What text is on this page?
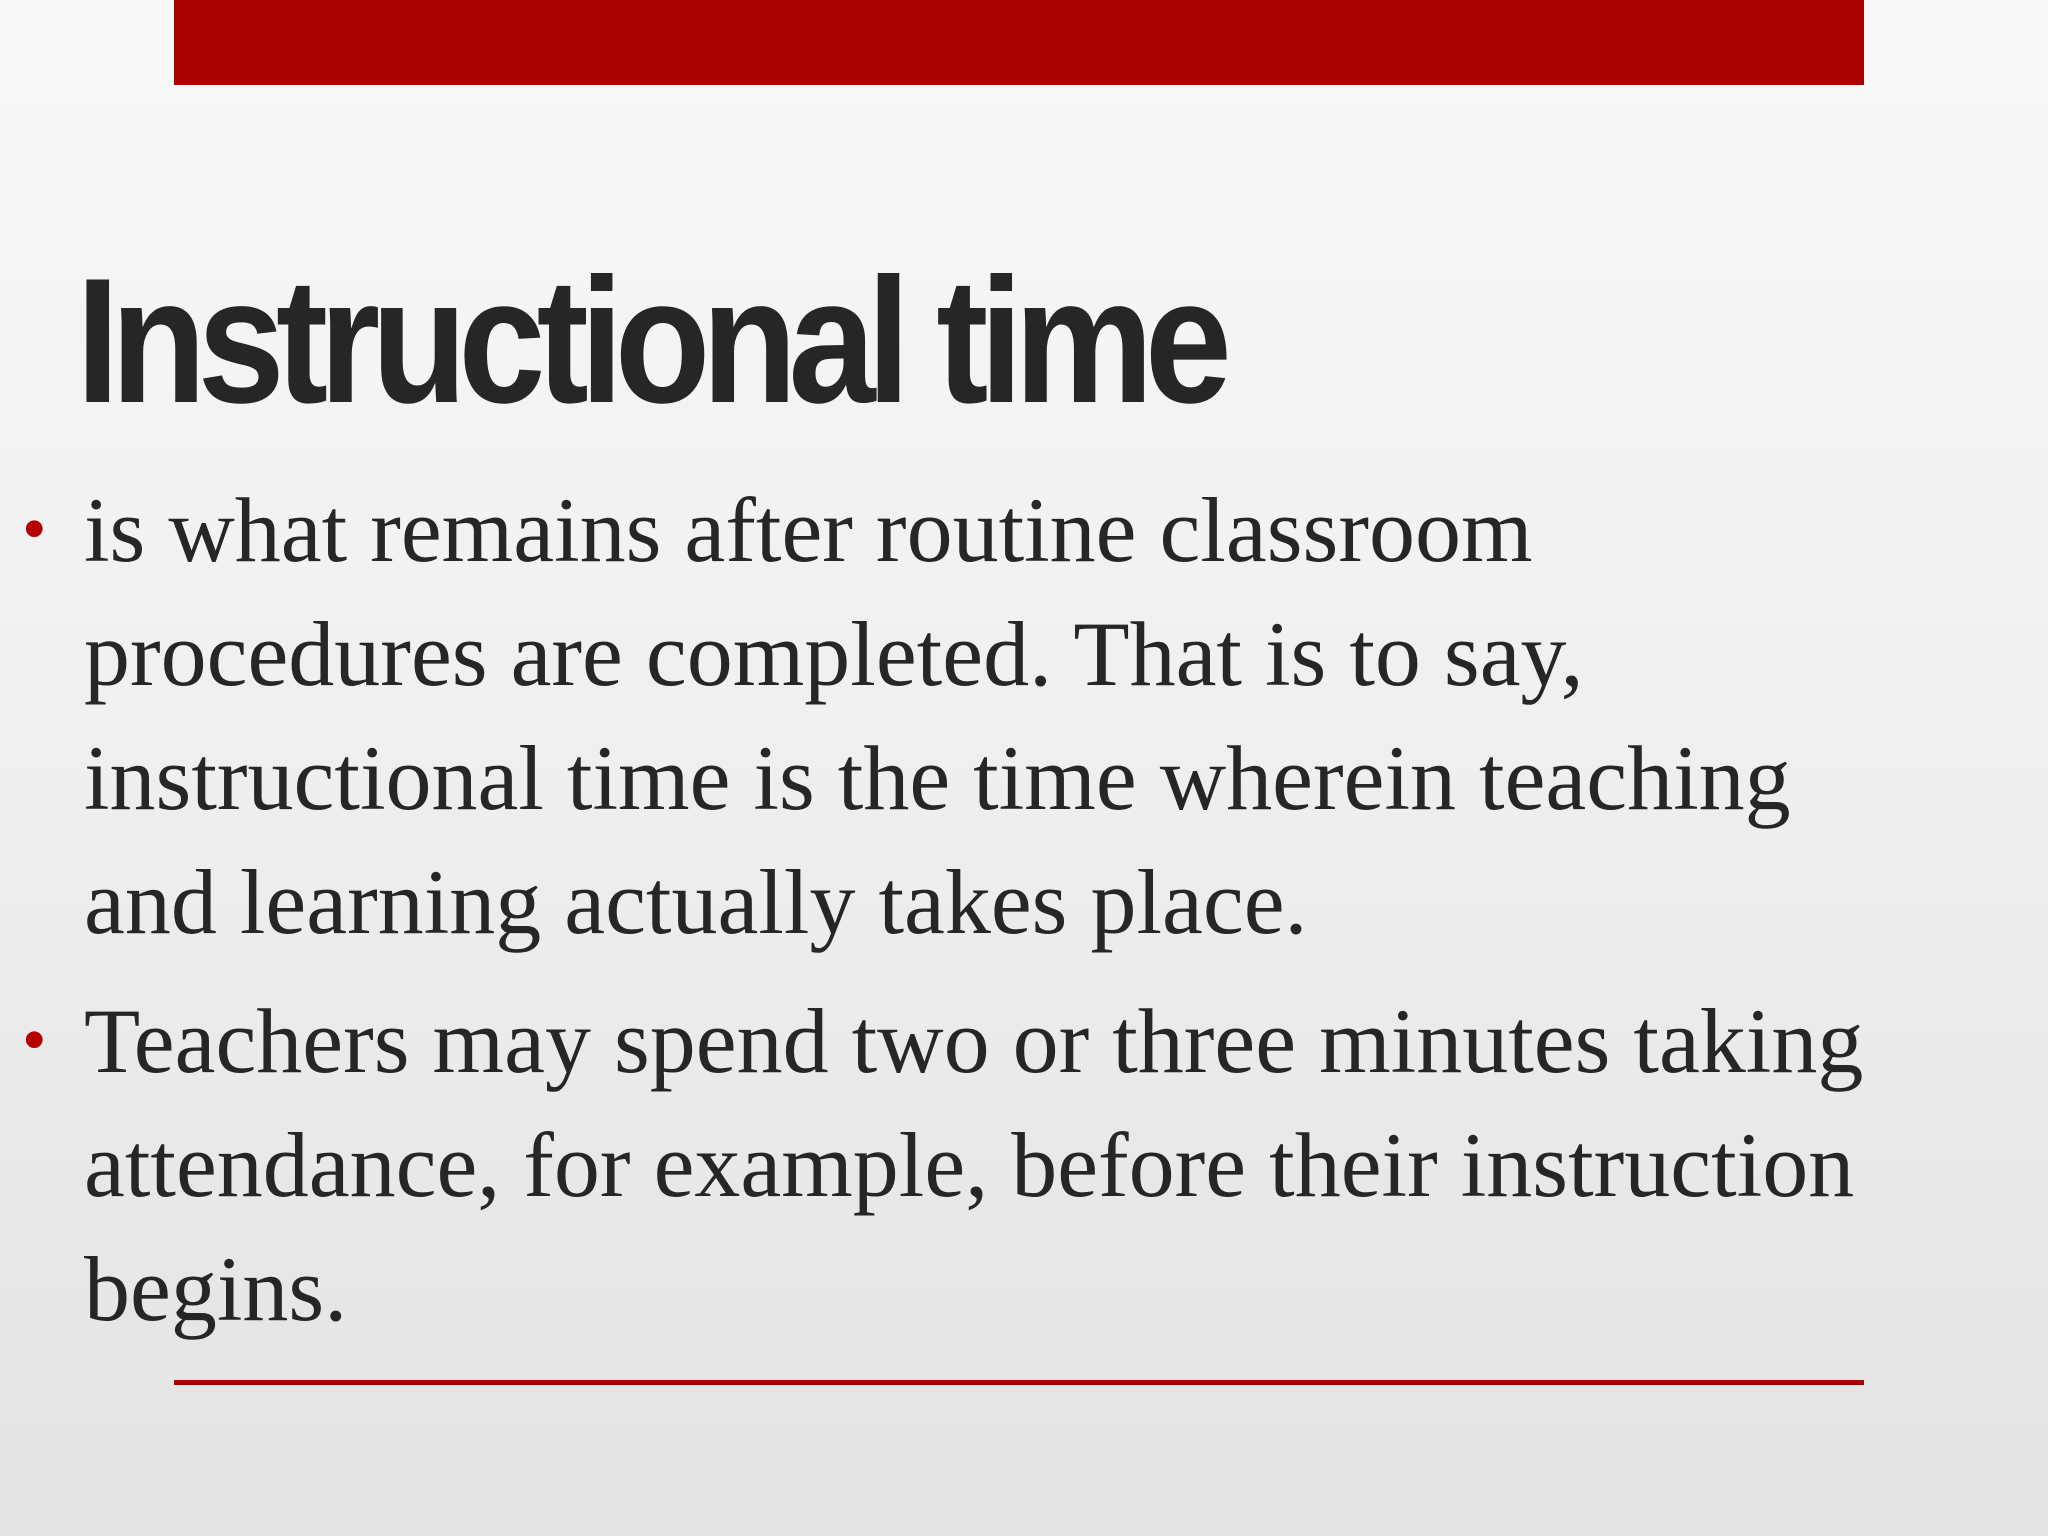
Instructional time
• is what remains after routine classroom
procedures are completed. That is to say,
instructional time is the time wherein teaching
and learning actually takes place.
• Teachers may spend two or three minutes taking
attendance, for example, before their instruction
begins.
